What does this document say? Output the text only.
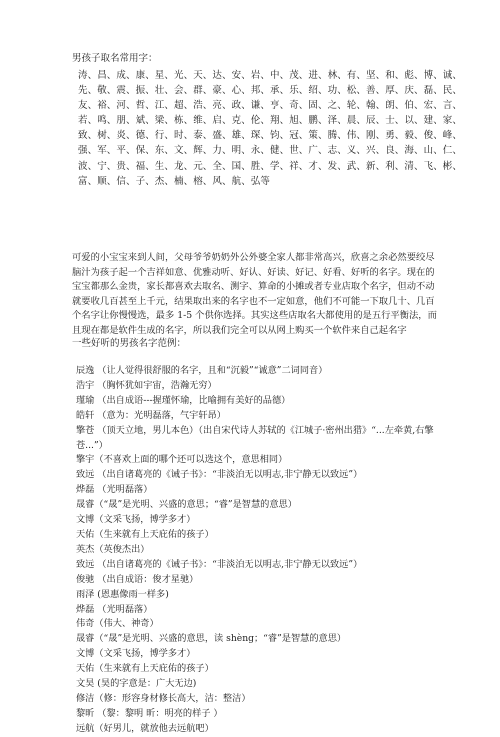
男孩子取名常用字：
涛、昌、成、康、星、光、天、达、安、岩、中、茂、进、林、有、坚、和、彪、博、诚、
先、敬、震、振、壮、会、群、豪、心、邦、承、乐、绍、功、松、善、厚、庆、磊、民、
友、裕、河、哲、江、超、浩、亮、政、谦、亨、奇、固、之、轮、翰、朗、伯、宏、言、
若、鸣、朋、斌、梁、栋、维、启、克、伦、翔、旭、鹏、泽、晨、辰、士、以、建、家、
致、树、炎、德、行、时、泰、盛、雄、琛、钧、冠、策、腾、伟、刚、勇、毅、俊、峰、
强、军、平、保、东、文、辉、力、明、永、健、世、广、志、义、兴、良、海、山、仁、
波、宁、贵、福、生、龙、元、全、国、胜、学、祥、才、发、武、新、利、清、飞、彬、
富、顺、信、子、杰、楠、榕、风、航、弘等
可爱的小宝宝来到人间，父母爷爷奶奶外公外婆全家人都非常高兴，欣喜之余必然要绞尽
脑汁为孩子起一个吉祥如意、优雅动听、好认、好读、好记、好看、好听的名字。现在的
宝宝都那么金贵，家长都喜欢去取名、测字、算命的小摊或者专业店取个名字，但动不动
就要收几百甚至上千元，结果取出来的名字也不一定如意，他们不可能一下取几十、几百
个名字让你慢慢选，最多 1-5 个供你选择。其实这些店取名大都使用的是五行平衡法，而
且现在都是软件生成的名字，所以我们完全可以从网上购买一个软件来自己起名字
一些好听的男孩名字范例：
辰逸 （让人觉得很舒服的名字，且和“沉毅”“诚意”二词同音）
浩宇 （胸怀犹如宇宙，浩瀚无穷）
瑾瑜 （出自成语---握瑾怀瑜，比喻拥有美好的品德）
皓轩 （意为：光明磊落，气宇轩昂）
擎苍 （顶天立地，男儿本色）（出自宋代诗人苏轼的《江城子·密州出猎》“...左牵黄,右擎
苍...”）
擎宇（不喜欢上面的哪个还可以选这个，意思相同）
致远 （出自诸葛亮的《诫子书》：“非淡泊无以明志,非宁静无以致远”）
烨磊 （光明磊落）
晟睿（“晟”是光明、兴盛的意思；“睿”是智慧的意思）
文博（文采飞扬，博学多才）
天佑（生来就有上天庇佑的孩子）
英杰（英俊杰出）
致远 （出自诸葛亮的《诫子书》：“非淡泊无以明志,非宁静无以致远”）
俊驰 （出自成语：俊才星驰）
雨泽 (恩惠像雨一样多)
烨磊 （光明磊落）
伟奇（伟大、神奇）
晟睿（“晟”是光明、兴盛的意思，读 shèng；“睿”是智慧的意思）
文博（文采飞扬，博学多才）
天佑（生来就有上天庇佑的孩子）
文昊 (昊的字意是：广大无边)
修洁（修：形容身材修长高大，洁：整洁）
黎昕 （黎：黎明 昕：明亮的样子 ）
远航（好男儿，就放他去远航吧）
